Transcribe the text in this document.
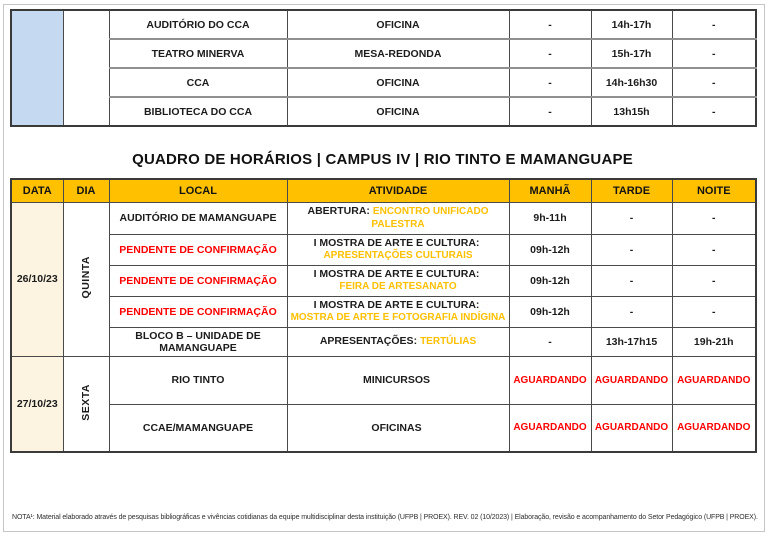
		AUDITÓRIO DO CCA	OFICINA	-	14h-17h	-
		TEATRO MINERVA	MESA-REDONDA	-	15h-17h	-
		CCA	OFICINA	-	14h-16h30	-
		BIBLIOTECA DO CCA	OFICINA	-	13h15h	-
QUADRO DE HORÁRIOS | CAMPUS IV | RIO TINTO E MAMANGUAPE
DATA	DIA	LOCAL	ATIVIDADE	MANHÃ	TARDE	NOITE
26/10/23	QUINTA	AUDITÓRIO DE MAMANGUAPE	ABERTURA: ENCONTRO UNIFICADO
PALESTRA	9h-11h	-	-
		PENDENTE DE CONFIRMAÇÃO	I MOSTRA DE ARTE E CULTURA:
APRESENTAÇÕES CULTURAIS	09h-12h	-	-
		PENDENTE DE CONFIRMAÇÃO	I MOSTRA DE ARTE E CULTURA:
FEIRA DE ARTESANATO	09h-12h	-	-
		PENDENTE DE CONFIRMAÇÃO	I MOSTRA DE ARTE E CULTURA:
MOSTRA DE ARTE E FOTOGRAFIA INDÍGINA	09h-12h	-	-
		BLOCO B – UNIDADE DE MAMANGUAPE	APRESENTAÇÕES: TERTÚLIAS	-	13h-17h15	19h-21h
27/10/23	SEXTA	RIO TINTO	MINICURSOS	AGUARDANDO	AGUARDANDO	AGUARDANDO
		CCAE/MAMANGUAPE	OFICINAS	AGUARDANDO	AGUARDANDO	AGUARDANDO
NOTA¹: Material elaborado através de pesquisas bibliográficas e vivências cotidianas da equipe multidisciplinar desta instituição (UFPB | PROEX). REV. 02 (10/2023) | Elaboração, revisão e acompanhamento do Setor Pedagógico (UFPB | PROEX).
